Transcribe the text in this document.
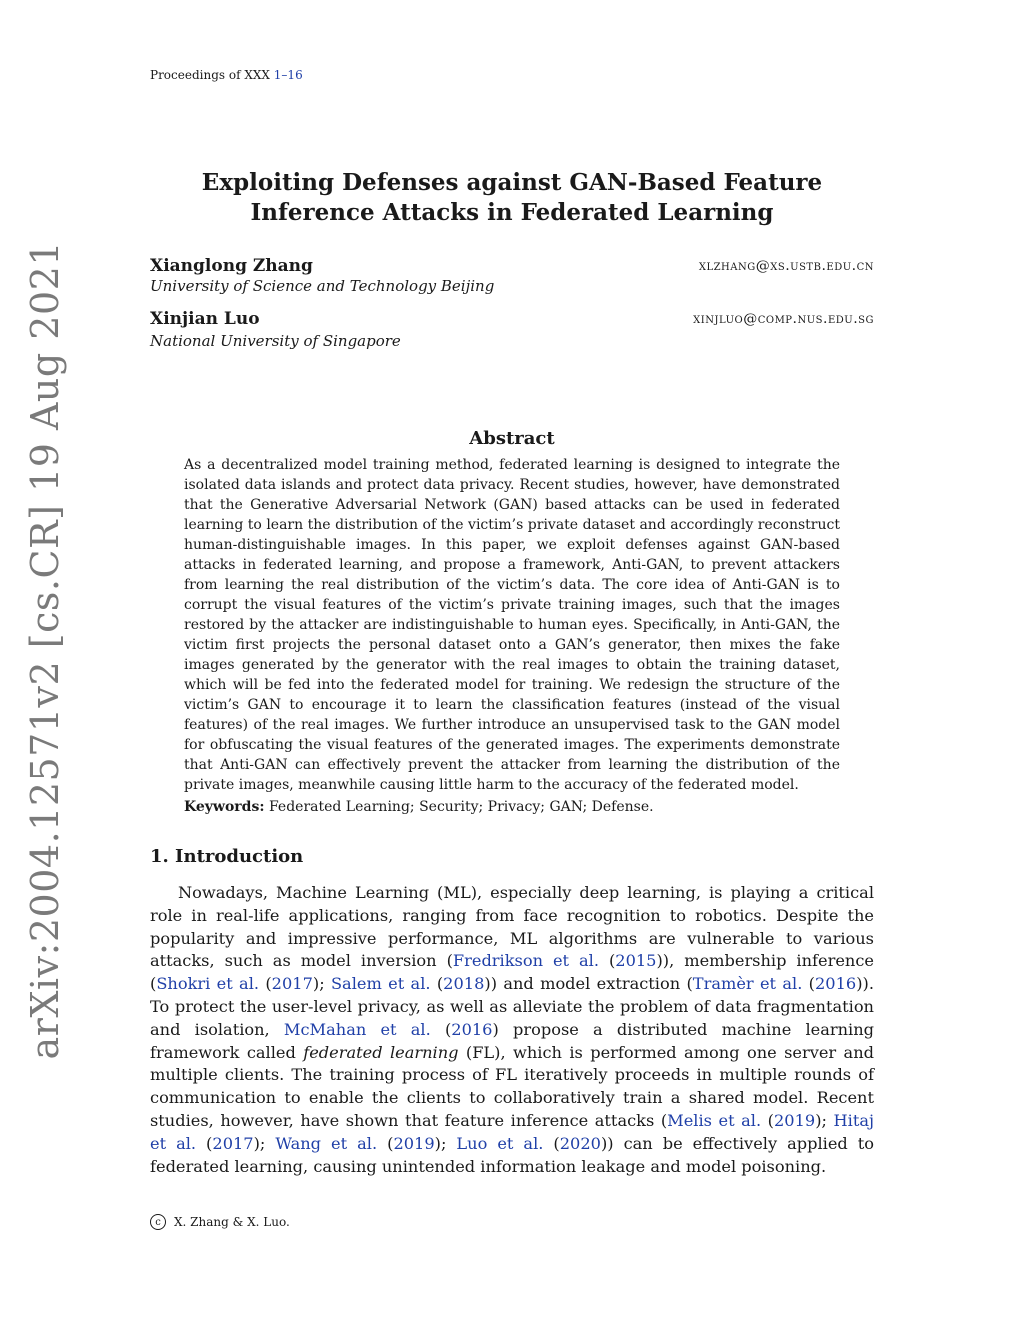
Proceedings of XXX 1–16
Exploiting Defenses against GAN-Based Feature Inference Attacks in Federated Learning
Xianglong Zhang	xlzhang@xs.ustb.edu.cn
University of Science and Technology Beijing
Xinjian Luo	xinjluo@comp.nus.edu.sg
National University of Singapore
arXiv:2004.12571v2 [cs.CR] 19 Aug 2021	Abstract
As a decentralized model training method, federated learning is designed to integrate the isolated data islands and protect data privacy. Recent studies, however, have demonstrated that the Generative Adversarial Network (GAN) based attacks can be used in federated learning to learn the distribution of the victim’s private dataset and accordingly reconstruct human-distinguishable images. In this paper, we exploit defenses against GAN-based attacks in federated learning, and propose a framework, Anti-GAN, to prevent attackers from learning the real distribution of the victim’s data. The core idea of Anti-GAN is to corrupt the visual features of the victim’s private training images, such that the images restored by the attacker are indistinguishable to human eyes. Specifically, in Anti-GAN, the victim first projects the personal dataset onto a GAN’s generator, then mixes the fake images generated by the generator with the real images to obtain the training dataset, which will be fed into the federated model for training. We redesign the structure of the victim’s GAN to encourage it to learn the classification features (instead of the visual features) of the real images. We further introduce an unsupervised task to the GAN model for obfuscating the visual features of the generated images. The experiments demonstrate that Anti-GAN can effectively prevent the attacker from learning the distribution of the private images, meanwhile causing little harm to the accuracy of the federated model.
Keywords: Federated Learning; Security; Privacy; GAN; Defense.
1. Introduction
Nowadays, Machine Learning (ML), especially deep learning, is playing a critical role in real-life applications, ranging from face recognition to robotics. Despite the popularity and impressive performance, ML algorithms are vulnerable to various attacks, such as model inversion (Fredrikson et al. (2015)), membership inference (Shokri et al. (2017); Salem et al. (2018)) and model extraction (Tramèr et al. (2016)). To protect the user-level privacy, as well as alleviate the problem of data fragmentation and isolation, McMahan et al. (2016) propose a distributed machine learning framework called federated learning (FL), which is performed among one server and multiple clients. The training process of FL iteratively proceeds in multiple rounds of communication to enable the clients to collaboratively train a shared model. Recent studies, however, have shown that feature inference attacks (Melis et al. (2019); Hitaj et al. (2017); Wang et al. (2019); Luo et al. (2020)) can be effectively applied to federated learning, causing unintended information leakage and model poisoning.
c	X. Zhang & X. Luo.
